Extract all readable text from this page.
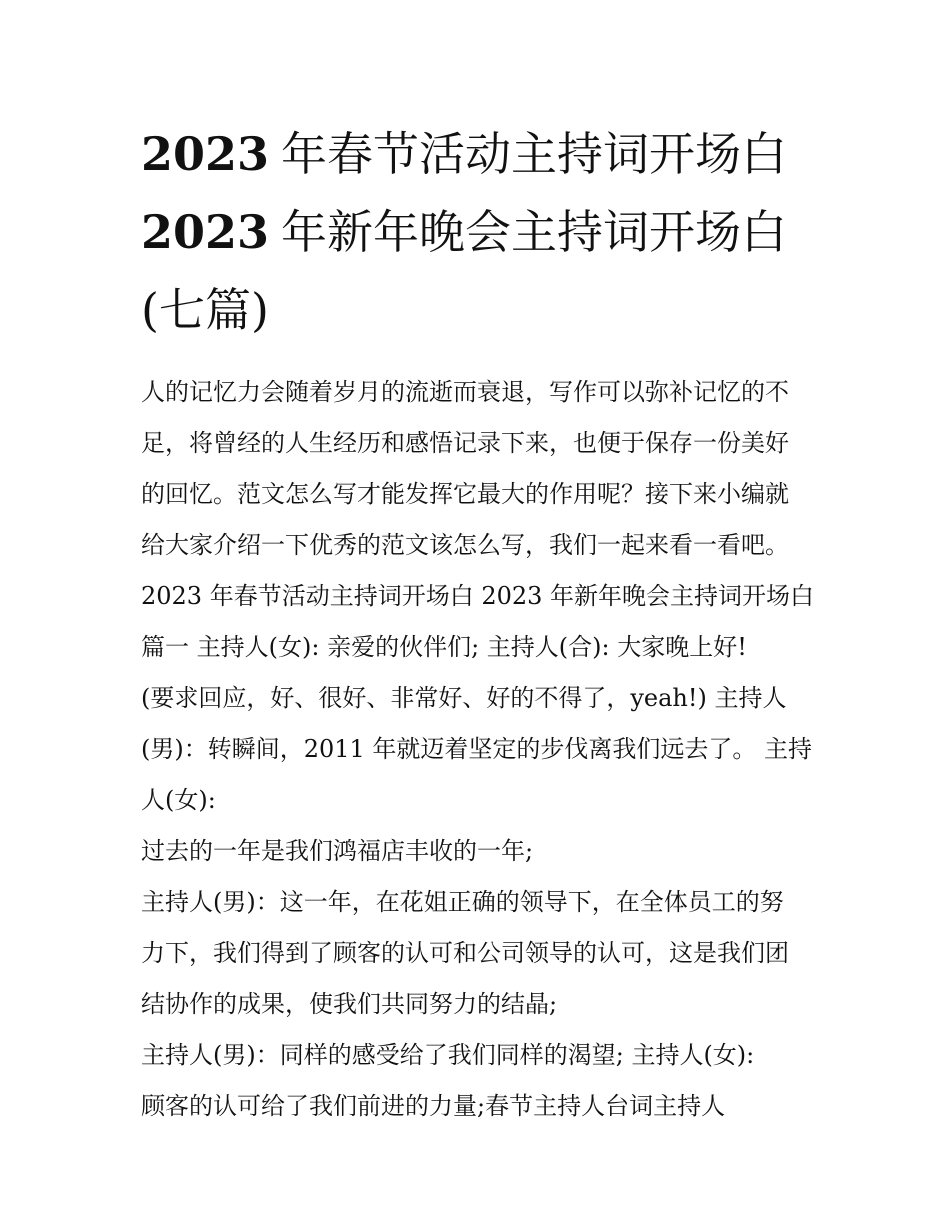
2023 年春节活动主持词开场白
2023 年新年晚会主持词开场白
(七篇)
人的记忆力会随着岁月的流逝而衰退，写作可以弥补记忆的不
足，将曾经的人生经历和感悟记录下来，也便于保存一份美好
的回忆。范文怎么写才能发挥它最大的作用呢？接下来小编就
给大家介绍一下优秀的范文该怎么写，我们一起来看一看吧。
2023 年春节活动主持词开场白 2023 年新年晚会主持词开场白
篇一 主持人(女): 亲爱的伙伴们; 主持人(合): 大家晚上好!
(要求回应，好、很好、非常好、好的不得了，yeah!) 主持人
(男)：转瞬间，2011 年就迈着坚定的步伐离我们远去了。 主持
人(女):
过去的一年是我们鸿福店丰收的一年;
主持人(男)：这一年，在花姐正确的领导下，在全体员工的努
力下，我们得到了顾客的认可和公司领导的认可，这是我们团
结协作的成果，使我们共同努力的结晶;
主持人(男)：同样的感受给了我们同样的渴望; 主持人(女):
顾客的认可给了我们前进的力量;春节主持人台词主持人
